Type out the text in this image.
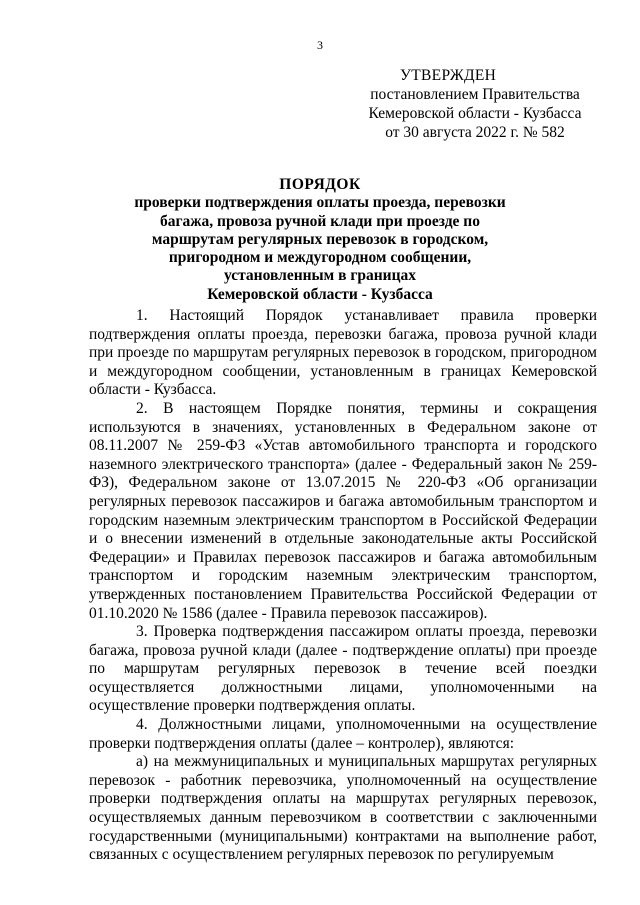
3
УТВЕРЖДЕН
постановлением Правительства
Кемеровской области - Кузбасса
от 30 августа 2022 г. № 582
ПОРЯДОК
проверки подтверждения оплаты проезда, перевозки
багажа, провоза ручной клади при проезде по
маршрутам регулярных перевозок в городском,
пригородном и междугородном сообщении,
установленным в границах
Кемеровской области - Кузбасса

1. Настоящий Порядок устанавливает правила проверки подтверждения оплаты проезда, перевозки багажа, провоза ручной клади при проезде по маршрутам регулярных перевозок в городском, пригородном и междугородном сообщении, установленным в границах Кемеровской области - Кузбасса.

2. В настоящем Порядке понятия, термины и сокращения используются в значениях, установленных в Федеральном законе от 08.11.2007 № 259-ФЗ «Устав автомобильного транспорта и городского наземного электрического транспорта» (далее - Федеральный закон № 259-ФЗ), Федеральном законе от 13.07.2015 № 220-ФЗ «Об организации регулярных перевозок пассажиров и багажа автомобильным транспортом и городским наземным электрическим транспортом в Российской Федерации и о внесении изменений в отдельные законодательные акты Российской Федерации» и Правилах перевозок пассажиров и багажа автомобильным транспортом и городским наземным электрическим транспортом, утвержденных постановлением Правительства Российской Федерации от 01.10.2020 № 1586 (далее - Правила перевозок пассажиров).

3. Проверка подтверждения пассажиром оплаты проезда, перевозки багажа, провоза ручной клади (далее - подтверждение оплаты) при проезде по маршрутам регулярных перевозок в течение всей поездки осуществляется должностными лицами, уполномоченными на осуществление проверки подтверждения оплаты.

4. Должностными лицами, уполномоченными на осуществление проверки подтверждения оплаты (далее – контролер), являются:

а) на межмуниципальных и муниципальных маршрутах регулярных перевозок - работник перевозчика, уполномоченный на осуществление проверки подтверждения оплаты на маршрутах регулярных перевозок, осуществляемых данным перевозчиком в соответствии с заключенными государственными (муниципальными) контрактами на выполнение работ, связанных с осуществлением регулярных перевозок по регулируемым
